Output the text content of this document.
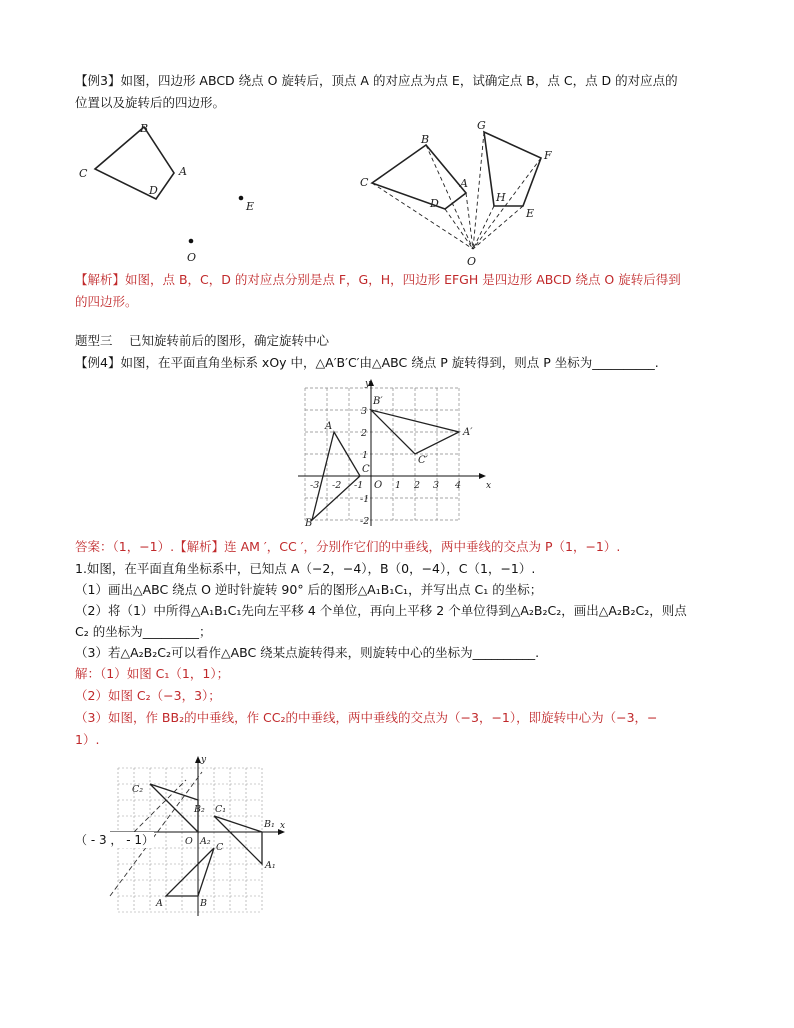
【例3】如图，四边形 ABCD 绕点 O 旋转后，顶点 A 的对应点为点 E，试确定点 B，点 C，点 D 的对应点的
位置以及旋转后的四边形。
B
C
D
A
E
O
B
C
D
A
G
F
H
E
O
【解析】如图，点 B，C，D 的对应点分别是点 F，G，H，四边形 EFGH 是四边形 ABCD 绕点 O 旋转后得到
的四边形。
题型三　 已知旋转前后的图形，确定旋转中心
【例4】如图，在平面直角坐标系 xOy 中，△A′B′C′由△ABC 绕点 P 旋转得到，则点 P 坐标为__________.
x
y
O
-3 -2 -1	1 2 3 4
3
2
1
-1
-2
A
B
C
A′
B′
C′
答案：（1，−1）.【解析】连 AM ′，CC ′，分别作它们的中垂线，两中垂线的交点为 P（1，−1）.
1.如图，在平面直角坐标系中，已知点 A（−2，−4），B（0，−4），C（1，−1）.
（1）画出△ABC 绕点 O 逆时针旋转 90° 后的图形△A₁B₁C₁，并写出点 C₁ 的坐标；
（2）将（1）中所得△A₁B₁C₁先向左平移 4 个单位，再向上平移 2 个单位得到△A₂B₂C₂，画出△A₂B₂C₂，则点
C₂ 的坐标为_________；
（3）若△A₂B₂C₂可以看作△ABC 绕某点旋转得来，则旋转中心的坐标为__________.
解：（1）如图 C₁（1，1）；
（2）如图 C₂（−3，3）；
（3）如图，作 BB₂的中垂线，作 CC₂的中垂线，两中垂线的交点为（−3，−1），即旋转中心为（−3，−
1）.
x
y
O
A	B
C
A₁
B₁
C₁
A₂
B₂
C₂
（ - 3 ， - 1）
